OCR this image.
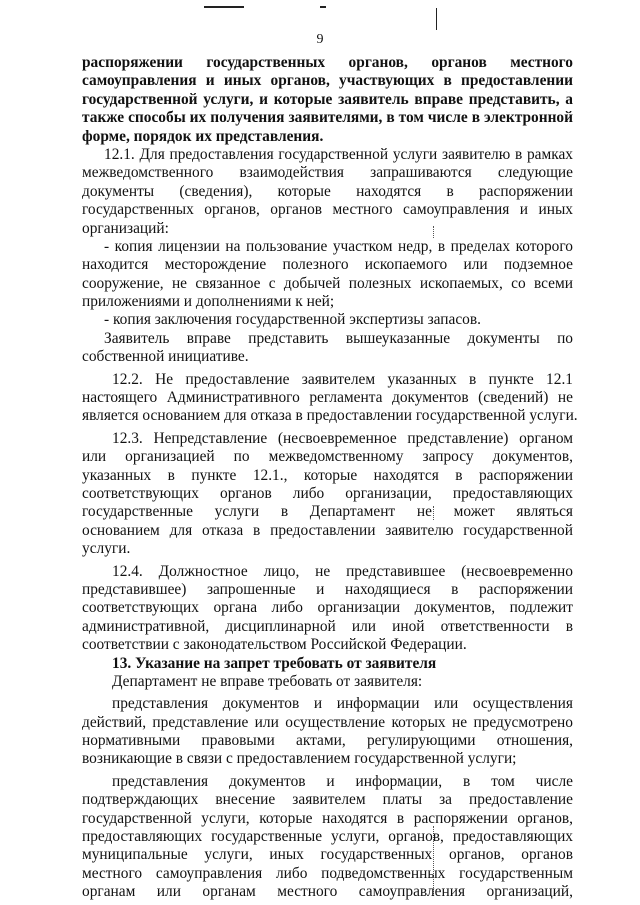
9
распоряжении государственных органов, органов местного
самоуправления и иных органов, участвующих в предоставлении
государственной услуги, и которые заявитель вправе представить, а
также способы их получения заявителями, в том числе в электронной
форме, порядок их представления.
12.1. Для предоставления государственной услуги заявителю в рамках
межведомственного взаимодействия запрашиваются следующие
документы (сведения), которые находятся в распоряжении
государственных органов, органов местного самоуправления и иных
организаций:
- копия лицензии на пользование участком недр, в пределах которого
находится месторождение полезного ископаемого или подземное
сооружение, не связанное с добычей полезных ископаемых, со всеми
приложениями и дополнениями к ней;
- копия заключения государственной экспертизы запасов.
Заявитель вправе представить вышеуказанные документы по
собственной инициативе.
12.2. Не предоставление заявителем указанных в пункте 12.1
настоящего Административного регламента документов (сведений) не
является основанием для отказа в предоставлении государственной услуги.
12.3. Непредставление (несвоевременное представление) органом
или организацией по межведомственному запросу документов,
указанных в пункте 12.1., которые находятся в распоряжении
соответствующих органов либо организации, предоставляющих
государственные услуги в Департамент не может являться
основанием для отказа в предоставлении заявителю государственной
услуги.
12.4. Должностное лицо, не представившее (несвоевременно
представившее) запрошенные и находящиеся в распоряжении
соответствующих органа либо организации документов, подлежит
административной, дисциплинарной или иной ответственности в
соответствии с законодательством Российской Федерации.
13. Указание на запрет требовать от заявителя
Департамент не вправе требовать от заявителя:
представления документов и информации или осуществления
действий, представление или осуществление которых не предусмотрено
нормативными правовыми актами, регулирующими отношения,
возникающие в связи с предоставлением государственной услуги;
представления документов и информации, в том числе
подтверждающих внесение заявителем платы за предоставление
государственной услуги, которые находятся в распоряжении органов,
предоставляющих государственные услуги, органов, предоставляющих
муниципальные услуги, иных государственных органов, органов
местного самоуправления либо подведомственных государственным
органам или органам местного самоуправления организаций,
